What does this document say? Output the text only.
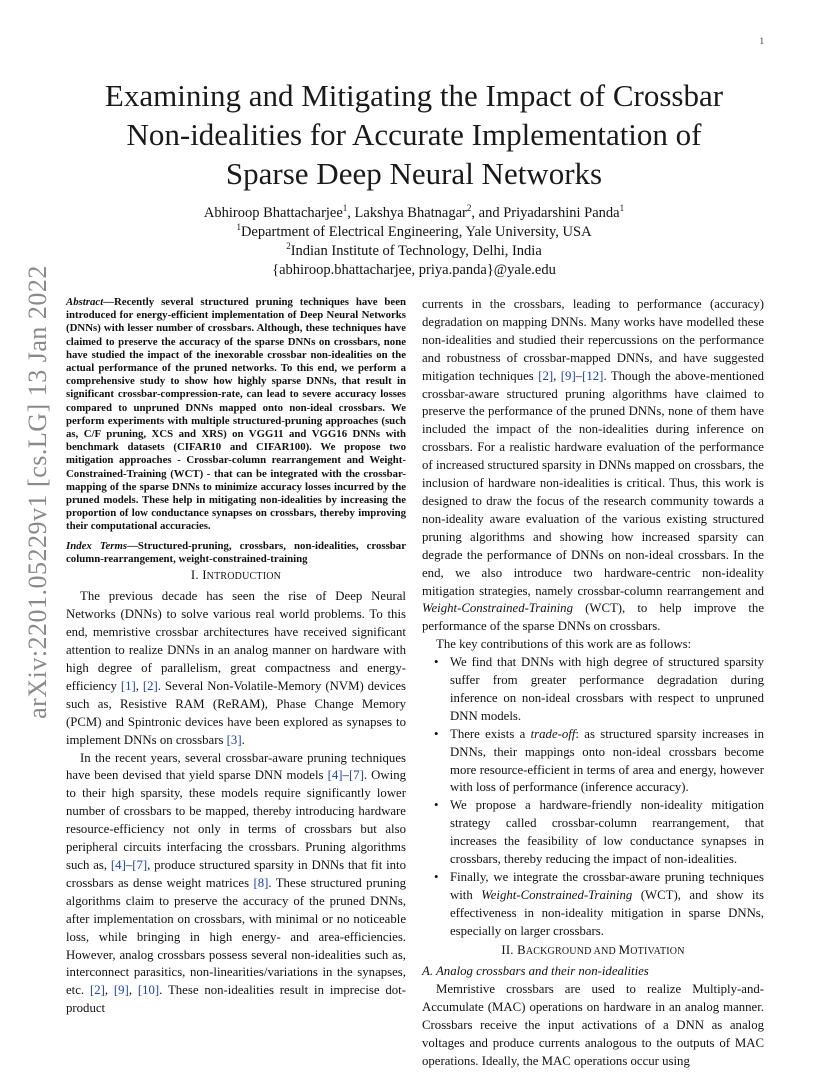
1
arXiv:2201.05229v1 [cs.LG] 13 Jan 2022
Examining and Mitigating the Impact of Crossbar
Non-idealities for Accurate Implementation of
Sparse Deep Neural Networks
Abhiroop Bhattacharjee$^1$, Lakshya Bhatnagar$^2$, and Priyadarshini Panda$^1$
$^1$Department of Electrical Engineering, Yale University, USA
$^2$Indian Institute of Technology, Delhi, India
{abhiroop.bhattacharjee, priya.panda}@yale.edu
Abstract—Recently several structured pruning techniques have been introduced for energy-efficient implementation of Deep Neural Networks (DNNs) with lesser number of crossbars. Although, these techniques have claimed to preserve the accuracy of the sparse DNNs on crossbars, none have studied the impact of the inexorable crossbar non-idealities on the actual performance of the pruned networks. To this end, we perform a comprehensive study to show how highly sparse DNNs, that result in significant crossbar-compression-rate, can lead to severe accuracy losses compared to unpruned DNNs mapped onto non-ideal crossbars. We perform experiments with multiple structured-pruning approaches (such as, C/F pruning, XCS and XRS) on VGG11 and VGG16 DNNs with benchmark datasets (CIFAR10 and CIFAR100). We propose two mitigation approaches - Crossbar-column rearrangement and Weight-Constrained-Training (WCT) - that can be integrated with the crossbar-mapping of the sparse DNNs to minimize accuracy losses incurred by the pruned models. These help in mitigating non-idealities by increasing the proportion of low conductance synapses on crossbars, thereby improving their computational accuracies.
Index Terms—Structured-pruning, crossbars, non-idealities, crossbar column-rearrangement, weight-constrained-training
I. INTRODUCTION

The previous decade has seen the rise of Deep Neural Networks (DNNs) to solve various real world problems. To this end, memristive crossbar architectures have received significant attention to realize DNNs in an analog manner on hardware with high degree of parallelism, great compactness and energy-efficiency [1], [2]. Several Non-Volatile-Memory (NVM) devices such as, Resistive RAM (ReRAM), Phase Change Memory (PCM) and Spintronic devices have been explored as synapses to implement DNNs on crossbars [3].

In the recent years, several crossbar-aware pruning techniques have been devised that yield sparse DNN models [4]–[7]. Owing to their high sparsity, these models require significantly lower number of crossbars to be mapped, thereby introducing hardware resource-efficiency not only in terms of crossbars but also peripheral circuits interfacing the crossbars. Pruning algorithms such as, [4]–[7], produce structured sparsity in DNNs that fit into crossbars as dense weight matrices [8]. These structured pruning algorithms claim to preserve the accuracy of the pruned DNNs, after implementation on crossbars, with minimal or no noticeable loss, while bringing in high energy- and area-efficiencies. However, analog crossbars possess several non-idealities such as, interconnect parasitics, non-linearities/variations in the synapses, etc. [2], [9], [10]. These non-idealities result in imprecise dot-product

currents in the crossbars, leading to performance (accuracy) degradation on mapping DNNs. Many works have modelled these non-idealities and studied their repercussions on the performance and robustness of crossbar-mapped DNNs, and have suggested mitigation techniques [2], [9]–[12]. Though the above-mentioned crossbar-aware structured pruning algorithms have claimed to preserve the performance of the pruned DNNs, none of them have included the impact of the non-idealities during inference on crossbars. For a realistic hardware evaluation of the performance of increased structured sparsity in DNNs mapped on crossbars, the inclusion of hardware non-idealities is critical. Thus, this work is designed to draw the focus of the research community towards a non-ideality aware evaluation of the various existing structured pruning algorithms and showing how increased sparsity can degrade the performance of DNNs on non-ideal crossbars. In the end, we also introduce two hardware-centric non-ideality mitigation strategies, namely crossbar-column rearrangement and Weight-Constrained-Training (WCT), to help improve the performance of the sparse DNNs on crossbars.

The key contributions of this work are as follows:

• We find that DNNs with high degree of structured sparsity suffer from greater performance degradation during inference on non-ideal crossbars with respect to unpruned DNN models.
• There exists a trade-off: as structured sparsity increases in DNNs, their mappings onto non-ideal crossbars become more resource-efficient in terms of area and energy, however with loss of performance (inference accuracy).
• We propose a hardware-friendly non-ideality mitigation strategy called crossbar-column rearrangement, that increases the feasibility of low conductance synapses in crossbars, thereby reducing the impact of non-idealities.
• Finally, we integrate the crossbar-aware pruning techniques with Weight-Constrained-Training (WCT), and show its effectiveness in non-ideality mitigation in sparse DNNs, especially on larger crossbars.
II. BACKGROUND AND MOTIVATION
A. Analog crossbars and their non-idealities

Memristive crossbars are used to realize Multiply-and-Accumulate (MAC) operations on hardware in an analog manner. Crossbars receive the input activations of a DNN as analog voltages and produce currents analogous to the outputs of MAC operations. Ideally, the MAC operations occur using
